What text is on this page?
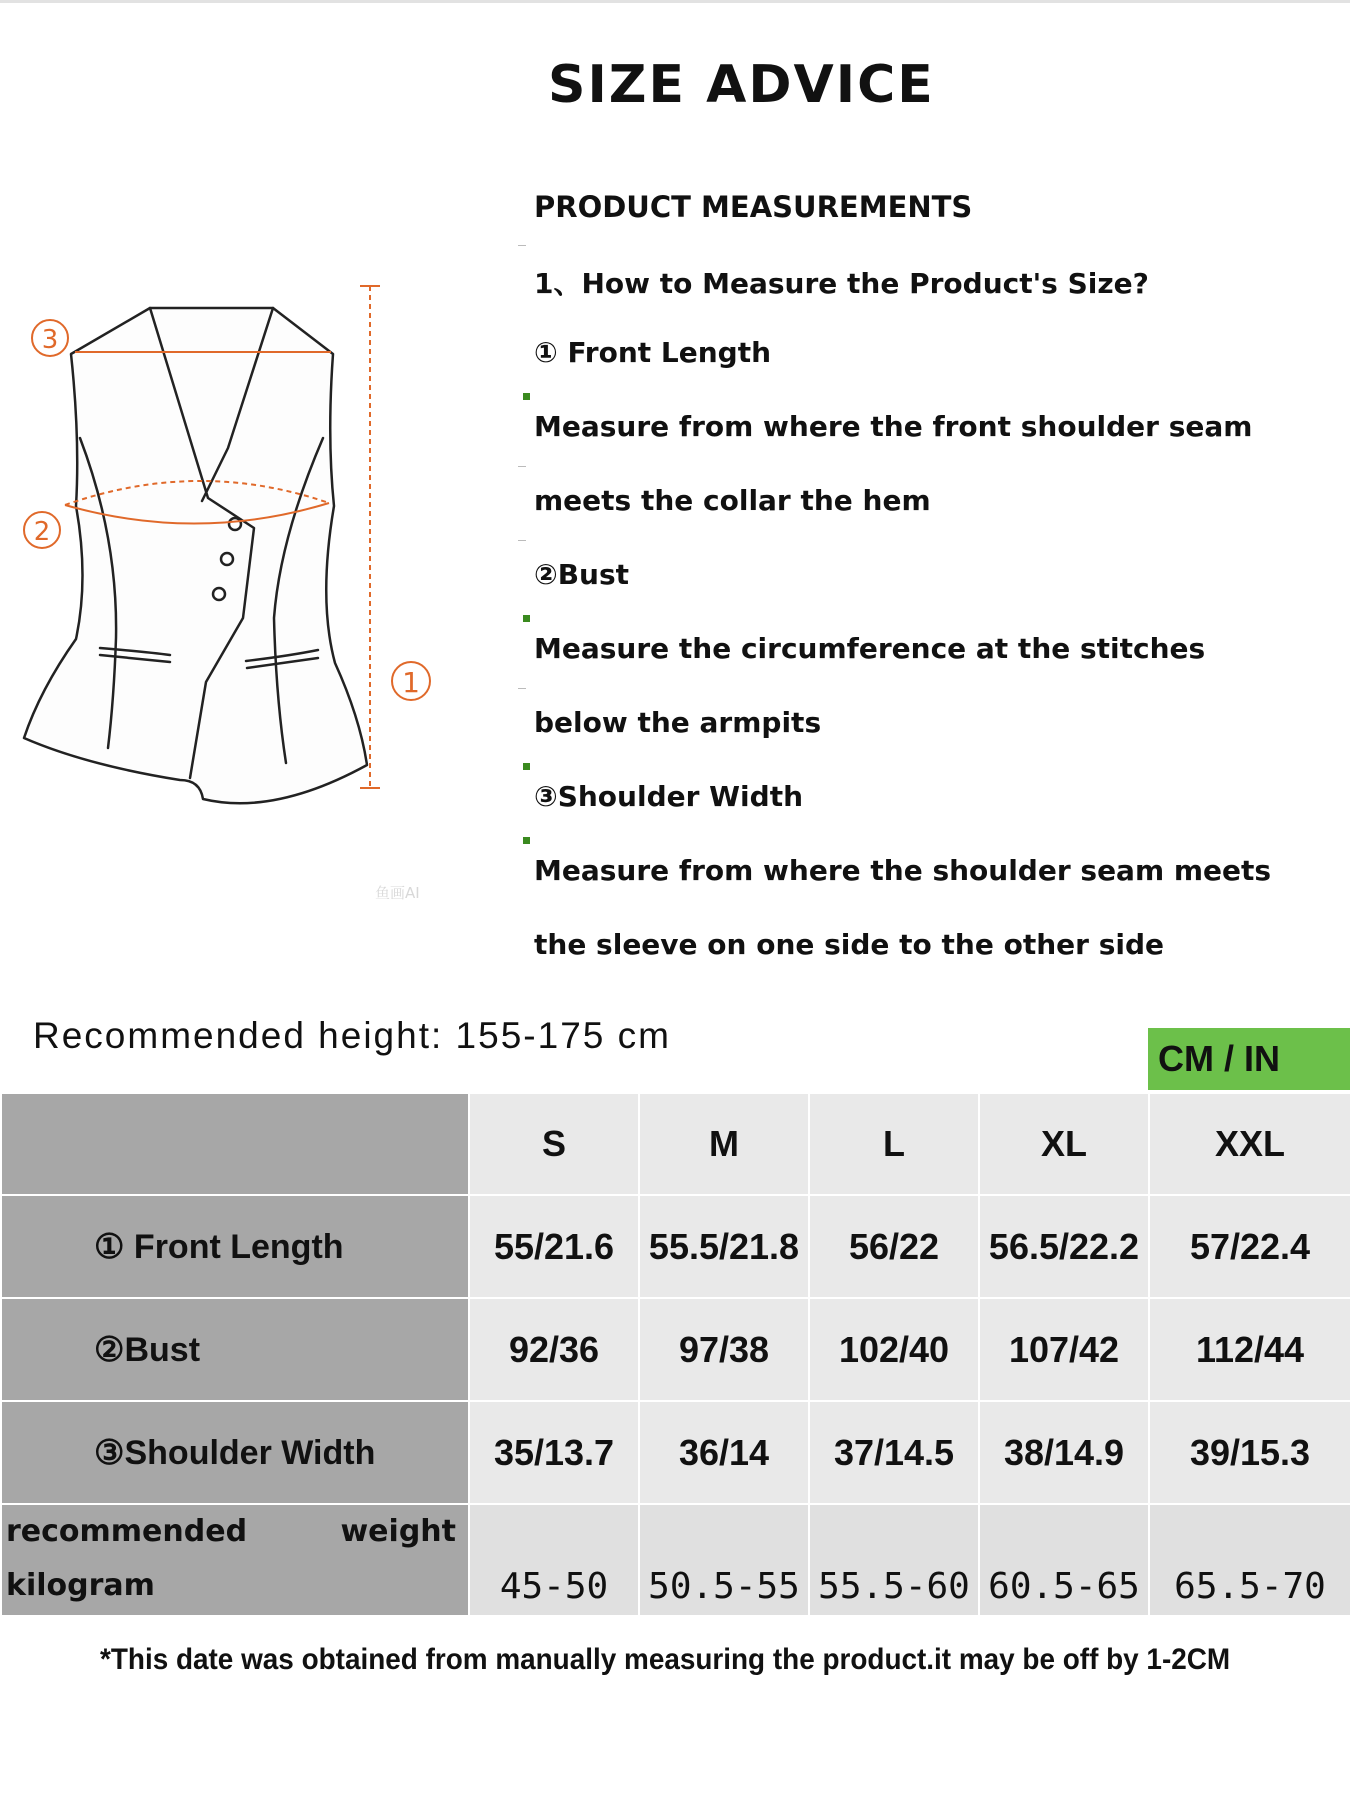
SIZE ADVICE
3
2
1
鱼画AI
PRODUCT MEASUREMENTS
1、How to Measure the Product's Size?
① Front Length
Measure from where the front shoulder seam
meets the collar the hem
②Bust
Measure the circumference at the stitches
below the armpits
③Shoulder Width
Measure from where the shoulder seam meets
the sleeve on one side to the other side
Recommended height: 155-175 cm
CM / IN
	S	M	L	XL	XXL
① Front Length	55/21.6	55.5/21.8	56/22	56.5/22.2	57/22.4
②Bust	92/36	97/38	102/40	107/42	112/44
③Shoulder Width	35/13.7	36/14	37/14.5	38/14.9	39/15.3

recommended weight
kilogram	45-50	50.5-55	55.5-60	60.5-65	65.5-70
*This date was obtained from manually measuring the product.it may be off by 1-2CM
